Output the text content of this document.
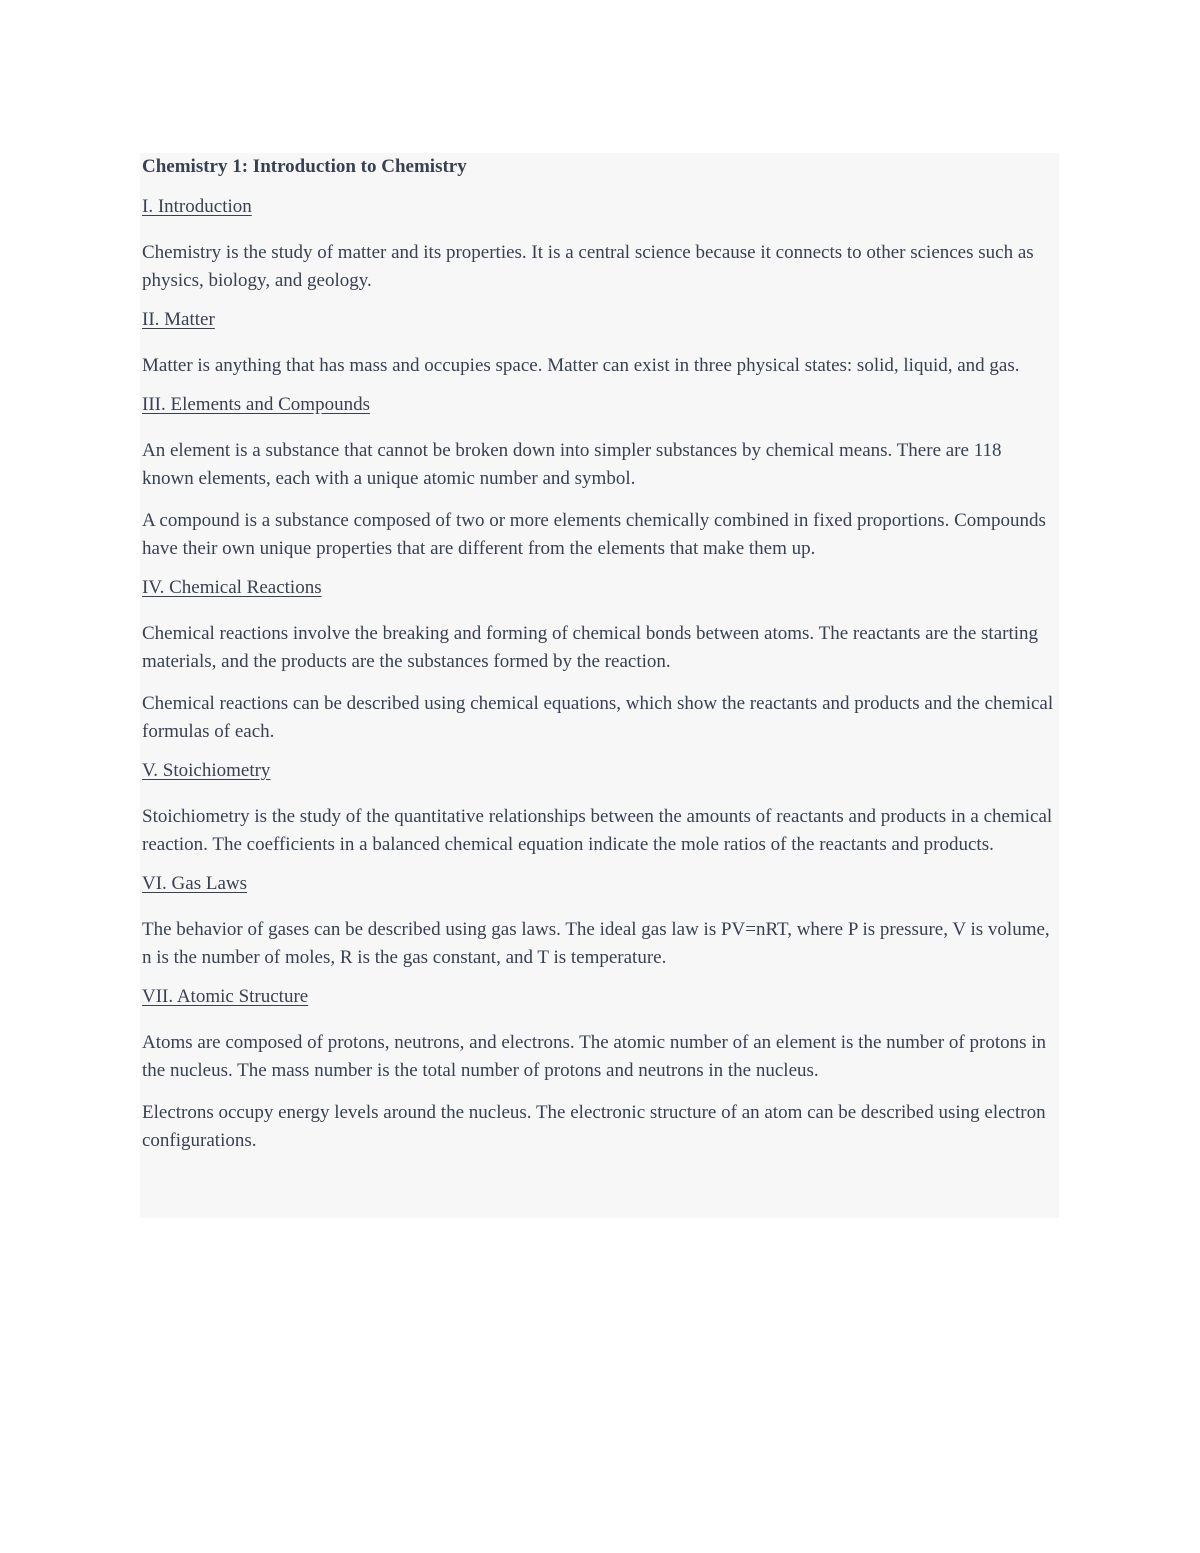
Chemistry 1: Introduction to Chemistry
I. Introduction

Chemistry is the study of matter and its properties. It is a central science because it connects to other sciences such as physics, biology, and geology.

II. Matter

Matter is anything that has mass and occupies space. Matter can exist in three physical states: solid, liquid, and gas.

III. Elements and Compounds

An element is a substance that cannot be broken down into simpler substances by chemical means. There are 118 known elements, each with a unique atomic number and symbol.

A compound is a substance composed of two or more elements chemically combined in fixed proportions. Compounds have their own unique properties that are different from the elements that make them up.

IV. Chemical Reactions

Chemical reactions involve the breaking and forming of chemical bonds between atoms. The reactants are the starting materials, and the products are the substances formed by the reaction.

Chemical reactions can be described using chemical equations, which show the reactants and products and the chemical formulas of each.

V. Stoichiometry

Stoichiometry is the study of the quantitative relationships between the amounts of reactants and products in a chemical reaction. The coefficients in a balanced chemical equation indicate the mole ratios of the reactants and products.

VI. Gas Laws

The behavior of gases can be described using gas laws. The ideal gas law is PV=nRT, where P is pressure, V is volume, n is the number of moles, R is the gas constant, and T is temperature.

VII. Atomic Structure

Atoms are composed of protons, neutrons, and electrons. The atomic number of an element is the number of protons in the nucleus. The mass number is the total number of protons and neutrons in the nucleus.

Electrons occupy energy levels around the nucleus. The electronic structure of an atom can be described using electron configurations.
